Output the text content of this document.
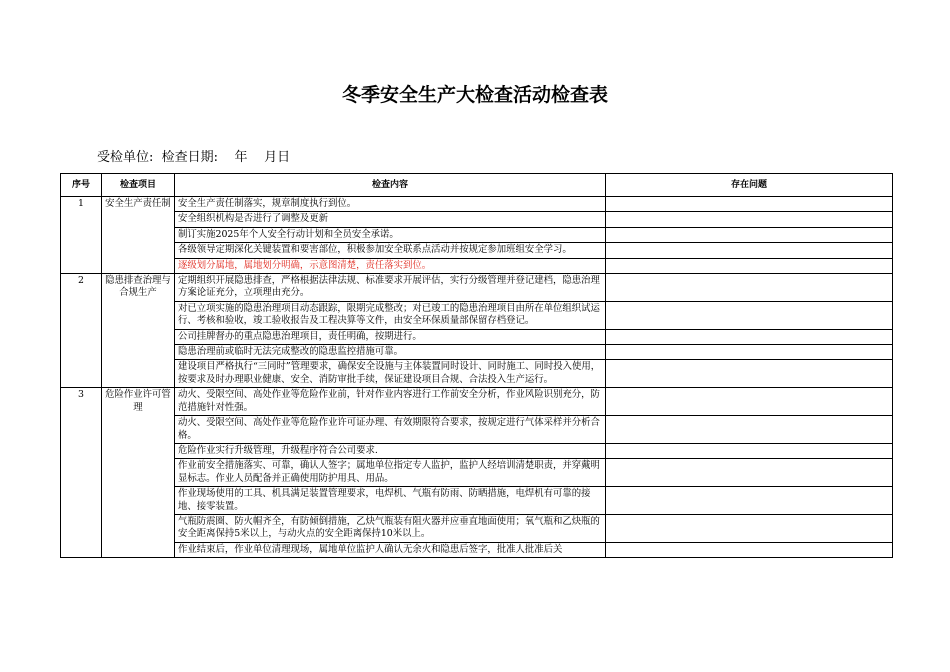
冬季安全生产大检查活动检查表
受检单位:  检查日期:    年    月日
序号	检查项目	检查内容	存在问题
1	安全生产责任制	安全生产责任制落实，规章制度执行到位。	
		安全组织机构是否进行了调整及更新	
		制订实施2025年个人安全行动计划和全员安全承诺。	
		各级领导定期深化关键装置和要害部位，积极参加安全联系点活动并按规定参加班组安全学习。	
		逐级划分属地，属地划分明确，示意图清楚，责任落实到位。	
2	隐患排查治理与合规生产	定期组织开展隐患排查，严格根据法律法规、标准要求开展评估，实行分级管理并登记建档，隐患治理方案论证充分，立项理由充分。	
		对已立项实施的隐患治理项目动态跟踪，限期完成整改；对已竣工的隐患治理项目由所在单位组织试运行、考核和验收，竣工验收报告及工程决算等文件，由安全环保质量部保留存档登记。	
		公司挂牌督办的重点隐患治理项目，责任明确，按期进行。	
		隐患治理前或临时无法完成整改的隐患监控措施可靠。	
		建设项目严格执行“三同时”管理要求，确保安全设施与主体装置同时设计、同时施工、同时投入使用，按要求及时办理职业健康、安全、消防审批手续，保证建设项目合规、合法投入生产运行。	
3	危险作业许可管理	动火、受限空间、高处作业等危险作业前，针对作业内容进行工作前安全分析，作业风险识别充分，防范措施针对性强。	
		动火、受限空间、高处作业等危险作业许可证办理、有效期限符合要求，按规定进行气体采样并分析合格。	
		危险作业实行升级管理，升级程序符合公司要求.	
		作业前安全措施落实、可靠，确认人签字；属地单位指定专人监护，监护人经培训清楚职责，并穿戴明显标志。作业人员配备并正确使用防护用具、用品。	
		作业现场使用的工具、机具满足装置管理要求，电焊机、气瓶有防雨、防晒措施，电焊机有可靠的接地、接零装置。	
		气瓶防震圈、防火帽齐全，有防倾倒措施，乙炔气瓶装有阻火器并应垂直地面使用；氧气瓶和乙炔瓶的安全距离保持5米以上，与动火点的安全距离保持10米以上。	
		作业结束后，作业单位清理现场，属地单位监护人确认无余火和隐患后签字，批准人批准后关	
